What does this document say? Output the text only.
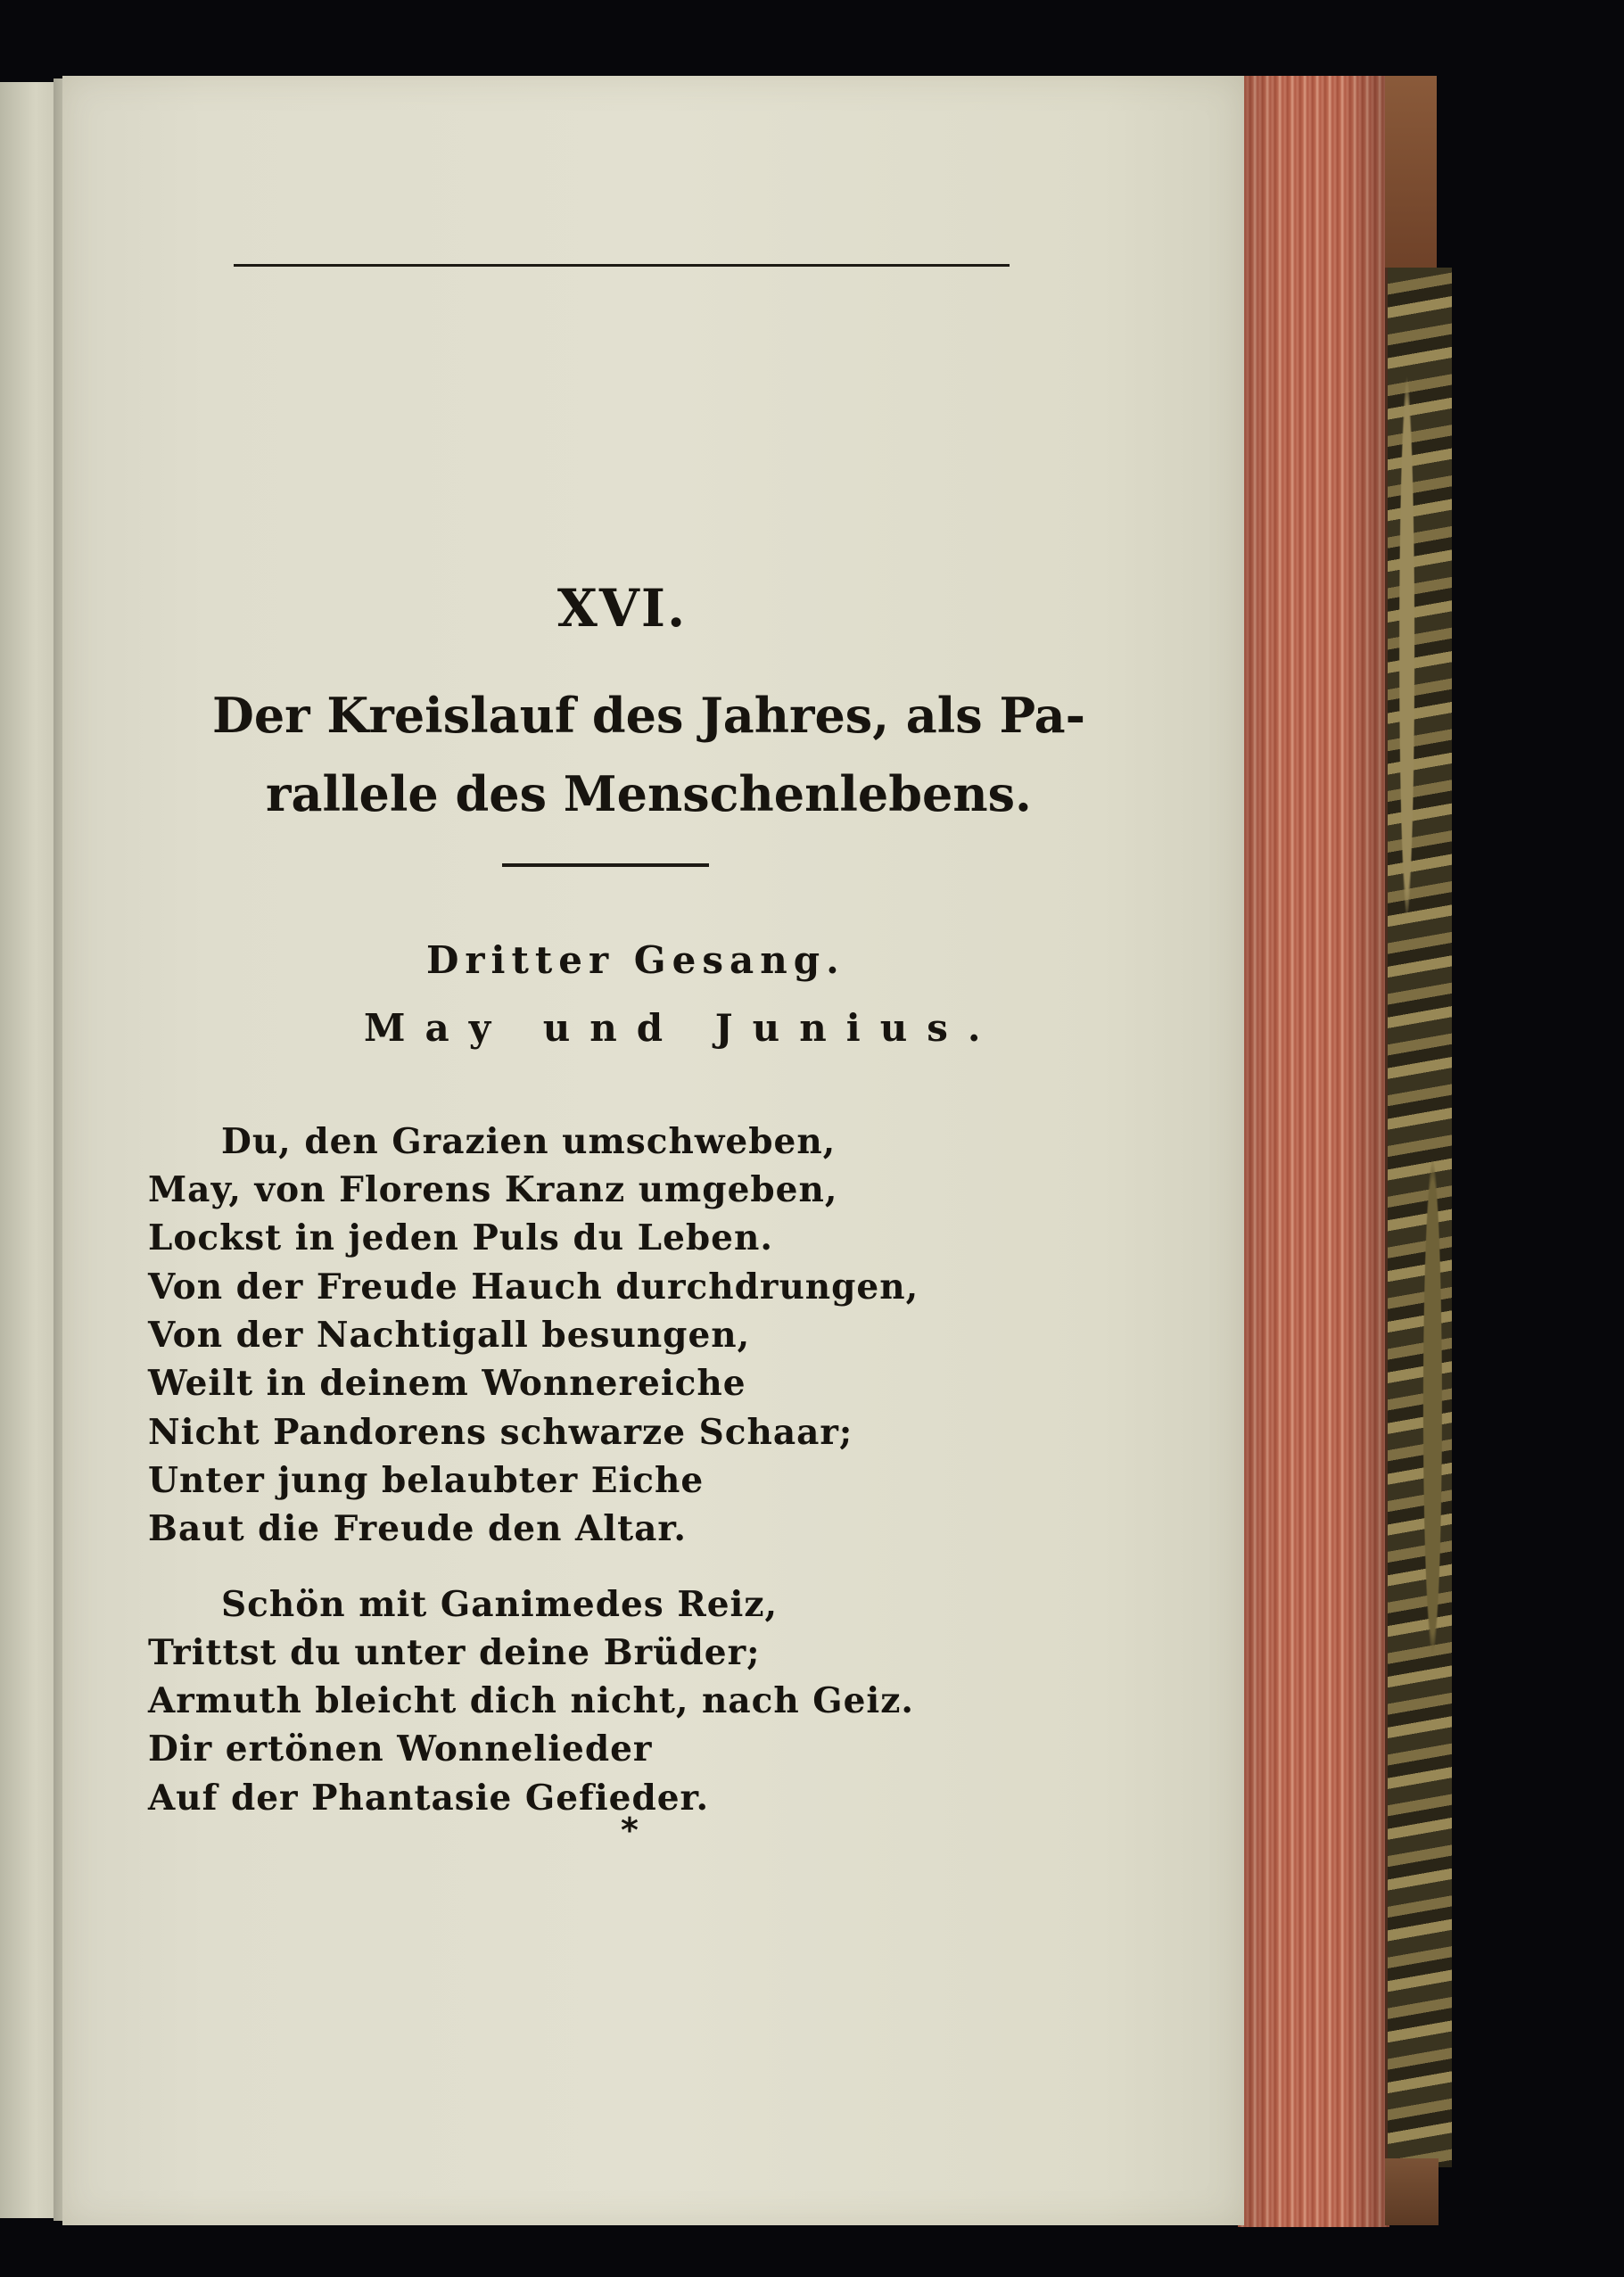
XVI.
Der Kreislauf des Jahres, als Pa-
rallele des Menschenlebens.
Dritter Gesang.
May und Junius.
Du, den Grazien umschweben,
May, von Florens Kranz umgeben,
Lockst in jeden Puls du Leben.
Von der Freude Hauch durchdrungen,
Von der Nachtigall besungen,
Weilt in deinem Wonnereiche
Nicht Pandorens schwarze Schaar;
Unter jung belaubter Eiche
Baut die Freude den Altar.
Schön mit Ganimedes Reiz,
Trittst du unter deine Brüder;
Armuth bleicht dich nicht, nach Geiz.
Dir ertönen Wonnelieder
Auf der Phantasie Gefieder.
*
